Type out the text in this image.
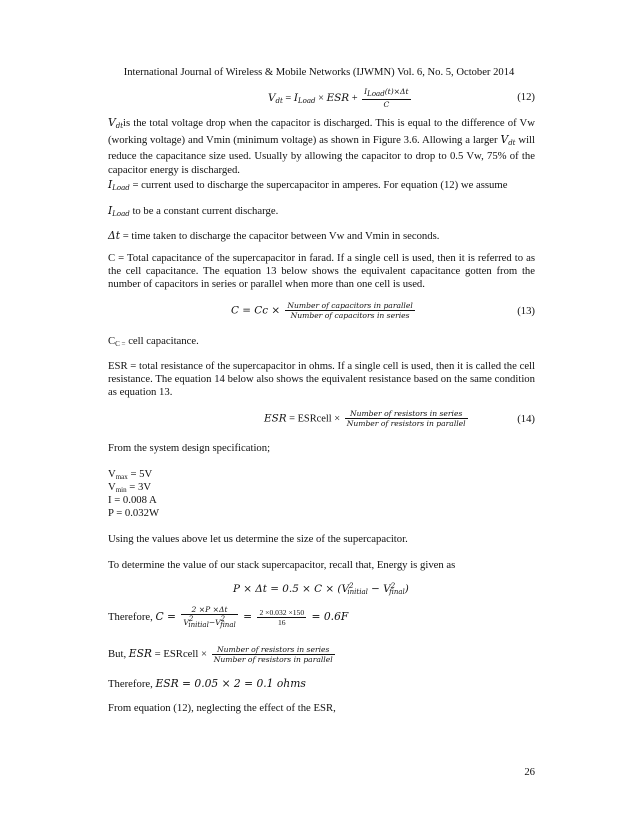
International Journal of Wireless & Mobile Networks (IJWMN) Vol. 6, No. 5, October 2014
$V_{dt} = I_{Load}$ × ESR + $\frac{\text{ILoad(t)×Δt}}{C}$	(12)
$V_{dt}is$ the total voltage drop when the capacitor is discharged. This is equal to the difference of Vw (working voltage) and Vmin (minimum voltage) as shown in Figure 3.6. Allowing a larger $V_{dt}$ will reduce the capacitance size used. Usually by allowing the capacitor to drop to 0.5 Vw, 75% of the capacitor energy is discharged.
$I_{Load}$ = current used to discharge the supercapacitor in amperes. For equation (12) we assume
$I_{Load}$ to be a constant current discharge.
Δt = time taken to discharge the capacitor between Vw and Vmin in seconds.
C = Total capacitance of the supercapacitor in farad. If a single cell is used, then it is referred to as the cell capacitance. The equation 13 below shows the equivalent capacitance gotten from the number of capacitors in series or parallel when more than one cell is used.
$C = Cc \times \frac{\text{Number of capacitors in parallel}}{\text{Number of capacitors in series}}$	(13)
$C_{C =}$ cell capacitance.
ESR = total resistance of the supercapacitor in ohms. If a single cell is used, then it is called the cell resistance. The equation 14 below also shows the equivalent resistance based on the same condition as equation 13.
ESR = ESRcell × $\frac{\text{Number of resistors in series}}{\text{Number of resistors in parallel}}$	(14)
From the system design specification;
$V_{max} = 5V$
$V_{min} = 3V$
I = 0.008 A
P = 0.032W
Using the values above let us determine the size of the supercapacitor.
To determine the value of our stack supercapacitor, recall that, Energy is given as
$P \times \Delta t = 0.5 \times C \times (V^2_{initial} - V^2_{final})$
Therefore, $C = \frac{2 \times P \times\Delta t}{\text{V2initial−V2final}} = \frac{2 \times 0.032 \times 150}{16} = 0.6F$
But, ESR = ESRcell × $\frac{\text{Number of resistors in series}}{\text{Number of resistors in parallel}}$
Therefore, ESR = 0.05 × 2 = 0.1 ohms
From equation (12), neglecting the effect of the ESR,
26
